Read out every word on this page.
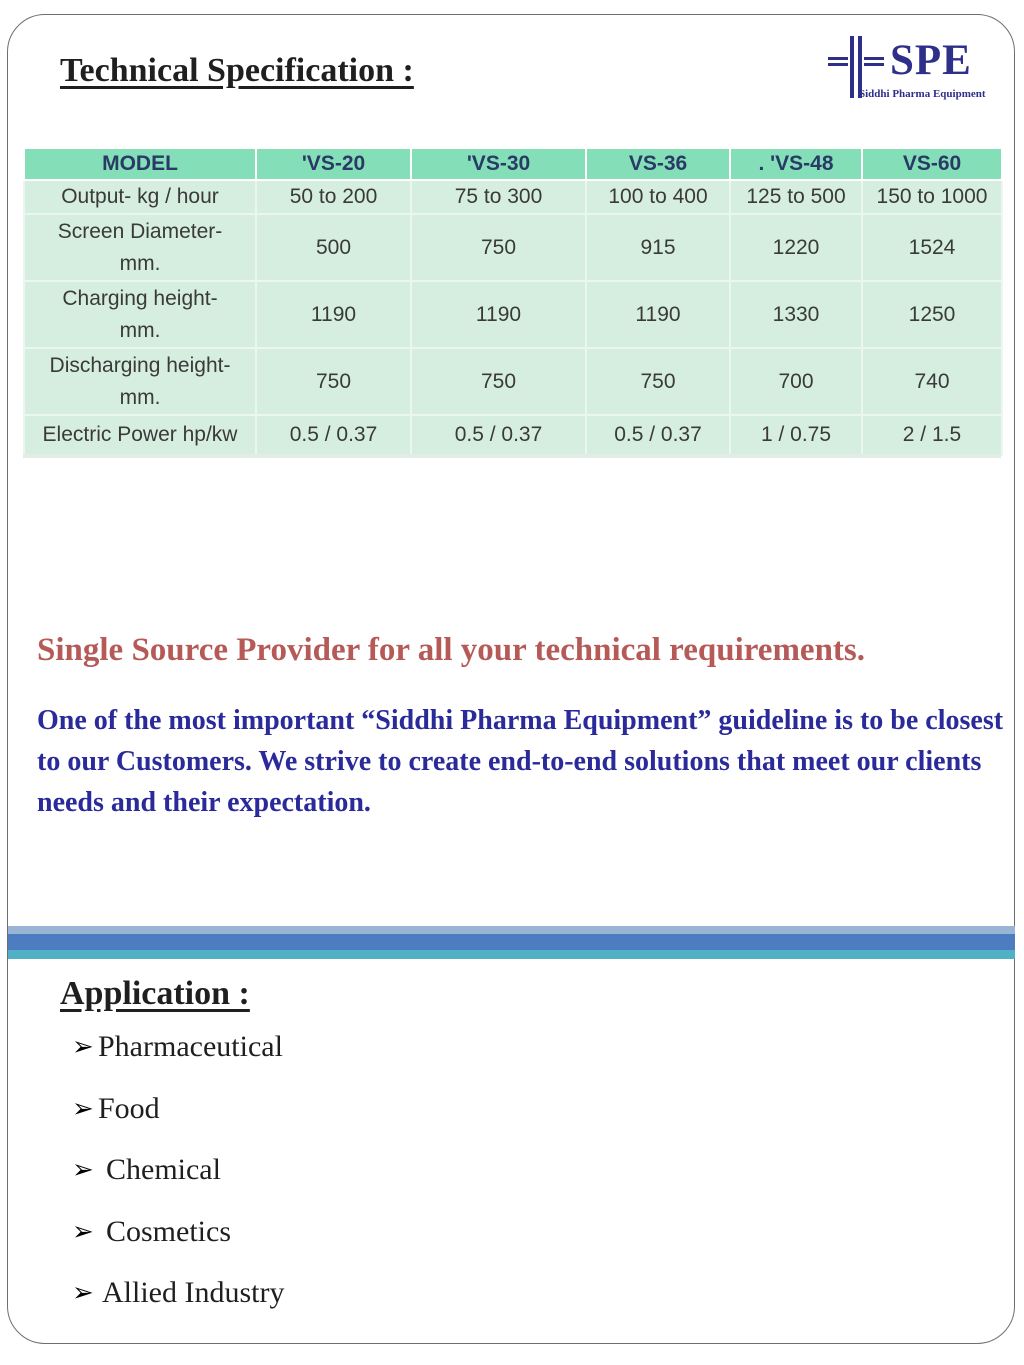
Technical Specification :	SPE
Siddhi Pharma Equipment
MODEL	'VS-20	'VS-30	VS-36	. 'VS-48	VS-60

Output- kg / hour	50 to 200	75 to 300	100 to 400	125 to 500	150 to 1000

Screen Diameter-
mm.	500	750	915	1220	1524

Charging height-
mm.	1190	1190	1190	1330	1250

Discharging height-
mm.	750	750	750	700	740

Electric Power hp/kw	0.5 / 0.37	0.5 / 0.37	0.5 / 0.37	1 / 0.75	2 / 1.5

Single Source Provider for all your technical requirements.

One of the most important “Siddhi Pharma Equipment” guideline is to be closest to our Customers. We strive to create end-to-end solutions that meet our clients needs and their expectation.

Application :
➢ Pharmaceutical
➢ Food
➢ Chemical
➢ Cosmetics
➢ Allied Industry
